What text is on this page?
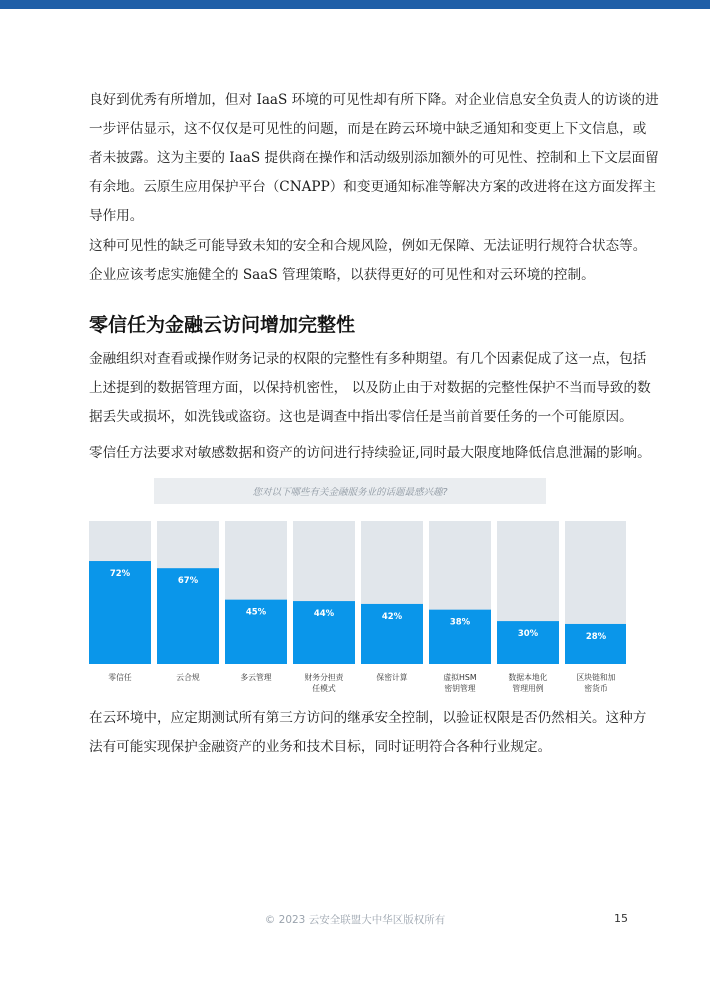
良好到优秀有所增加，但对 IaaS 环境的可见性却有所下降。对企业信息安全负责人的访谈的进
一步评估显示，这不仅仅是可见性的问题，而是在跨云环境中缺乏通知和变更上下文信息，或
者未披露。这为主要的 IaaS 提供商在操作和活动级别添加额外的可见性、控制和上下文层面留
有余地。云原生应用保护平台（CNAPP）和变更通知标准等解决方案的改进将在这方面发挥主
导作用。
这种可见性的缺乏可能导致未知的安全和合规风险，例如无保障、无法证明行规符合状态等。
企业应该考虑实施健全的 SaaS 管理策略，以获得更好的可见性和对云环境的控制。
零信任为金融云访问增加完整性
金融组织对查看或操作财务记录的权限的完整性有多种期望。有几个因素促成了这一点，包括
上述提到的数据管理方面，以保持机密性， 以及防止由于对数据的完整性保护不当而导致的数
据丢失或损坏，如洗钱或盗窃。这也是调查中指出零信任是当前首要任务的一个可能原因。
零信任方法要求对敏感数据和资产的访问进行持续验证,同时最大限度地降低信息泄漏的影响。
您对以下哪些有关金融服务业的话题最感兴趣?
72%
零信任
67%
云合规
45%
多云管理
44%
财务分担责
任模式
42%
保密计算
38%
虚拟HSM
密钥管理
30%
数据本地化
管理用例
28%
区块链和加
密货币
在云环境中，应定期测试所有第三方访问的继承安全控制，以验证权限是否仍然相关。这种方
法有可能实现保护金融资产的业务和技术目标，同时证明符合各种行业规定。
© 2023 云安全联盟大中华区版权所有	15
